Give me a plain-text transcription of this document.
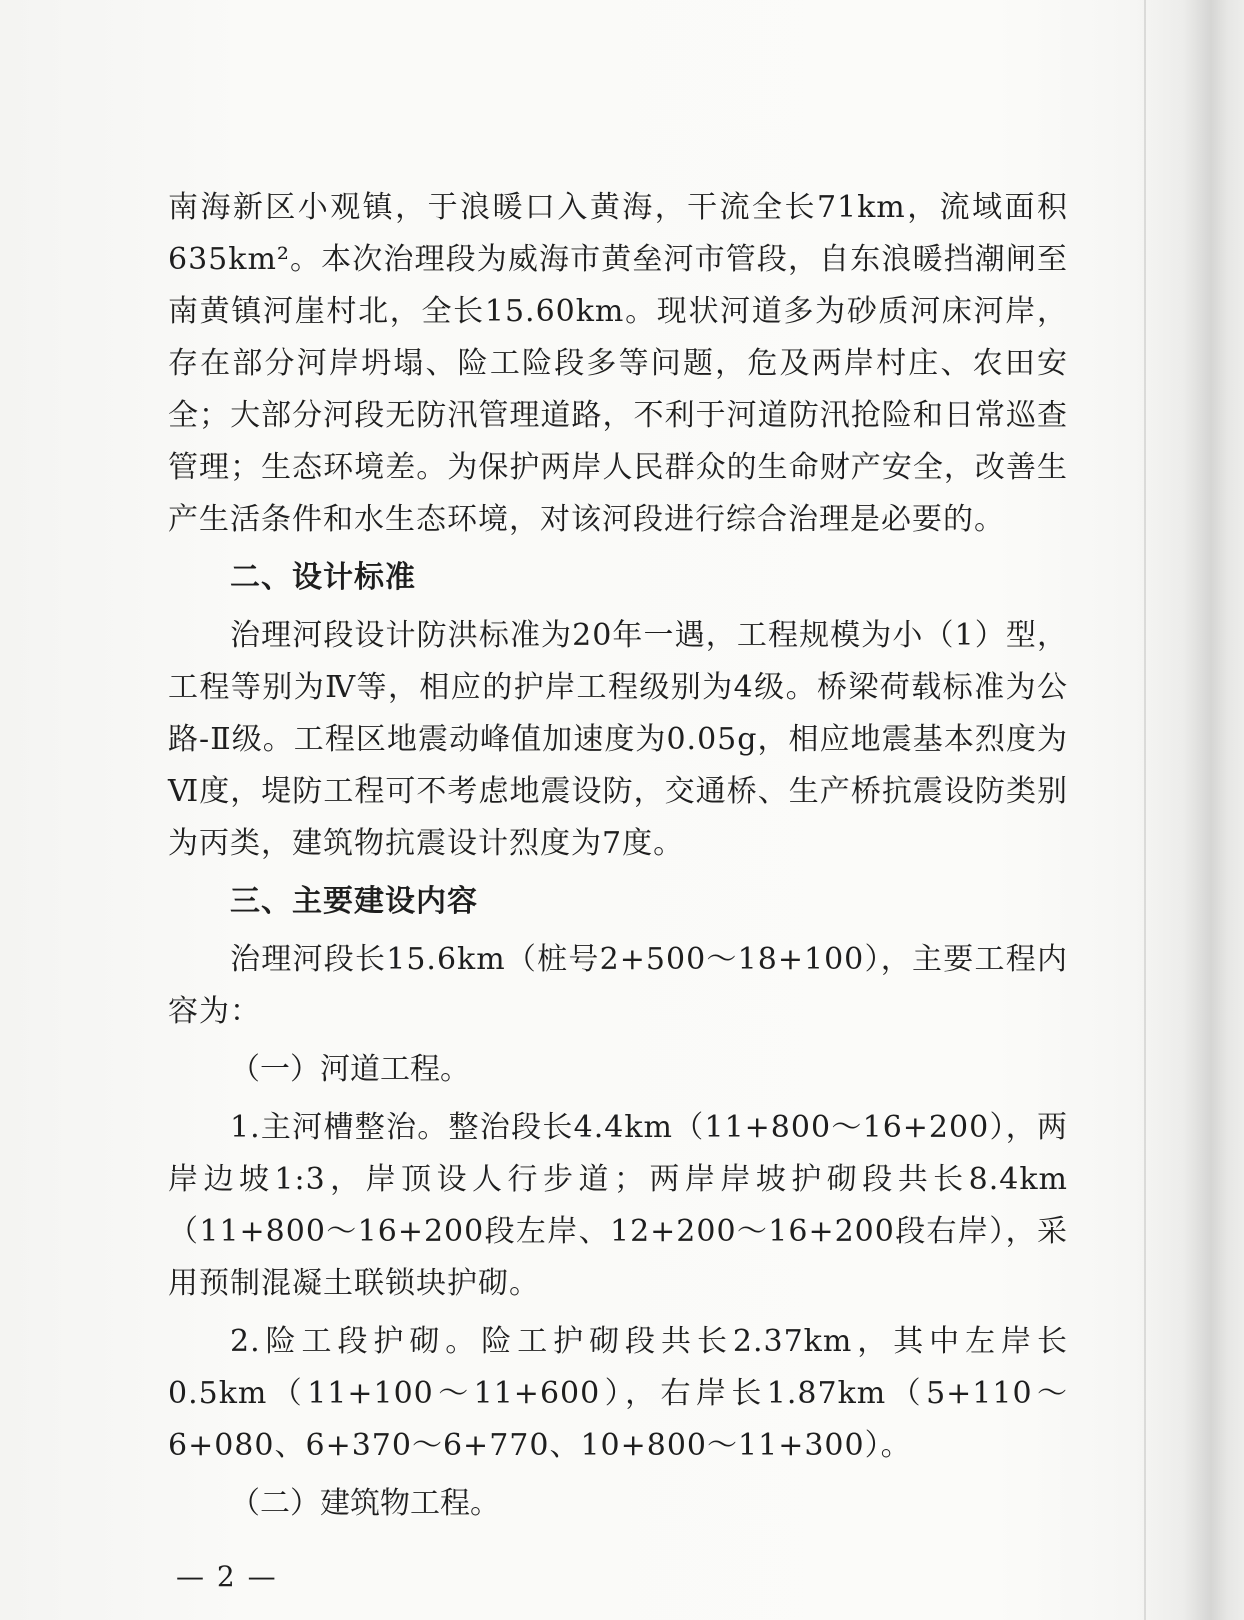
南海新区小观镇，于浪暖口入黄海，干流全长71km，流域面积635km²。本次治理段为威海市黄垒河市管段，自东浪暖挡潮闸至南黄镇河崖村北，全长15.60km。现状河道多为砂质河床河岸，存在部分河岸坍塌、险工险段多等问题，危及两岸村庄、农田安全；大部分河段无防汛管理道路，不利于河道防汛抢险和日常巡查管理；生态环境差。为保护两岸人民群众的生命财产安全，改善生产生活条件和水生态环境，对该河段进行综合治理是必要的。

二、设计标准

治理河段设计防洪标准为20年一遇，工程规模为小（1）型，工程等别为Ⅳ等，相应的护岸工程级别为4级。桥梁荷载标准为公路-Ⅱ级。工程区地震动峰值加速度为0.05g，相应地震基本烈度为Ⅵ度，堤防工程可不考虑地震设防，交通桥、生产桥抗震设防类别为丙类，建筑物抗震设计烈度为7度。

三、主要建设内容

治理河段长15.6km（桩号2+500～18+100），主要工程内容为：

（一）河道工程。

1.主河槽整治。整治段长4.4km（11+800～16+200），两岸边坡1:3，岸顶设人行步道；两岸岸坡护砌段共长8.4km（11+800～16+200段左岸、12+200～16+200段右岸），采用预制混凝土联锁块护砌。

2.险工段护砌。险工护砌段共长2.37km，其中左岸长0.5km（11+100～11+600），右岸长1.87km（5+110～6+080、6+370～6+770、10+800～11+300）。

（二）建筑物工程。

— 2 —
